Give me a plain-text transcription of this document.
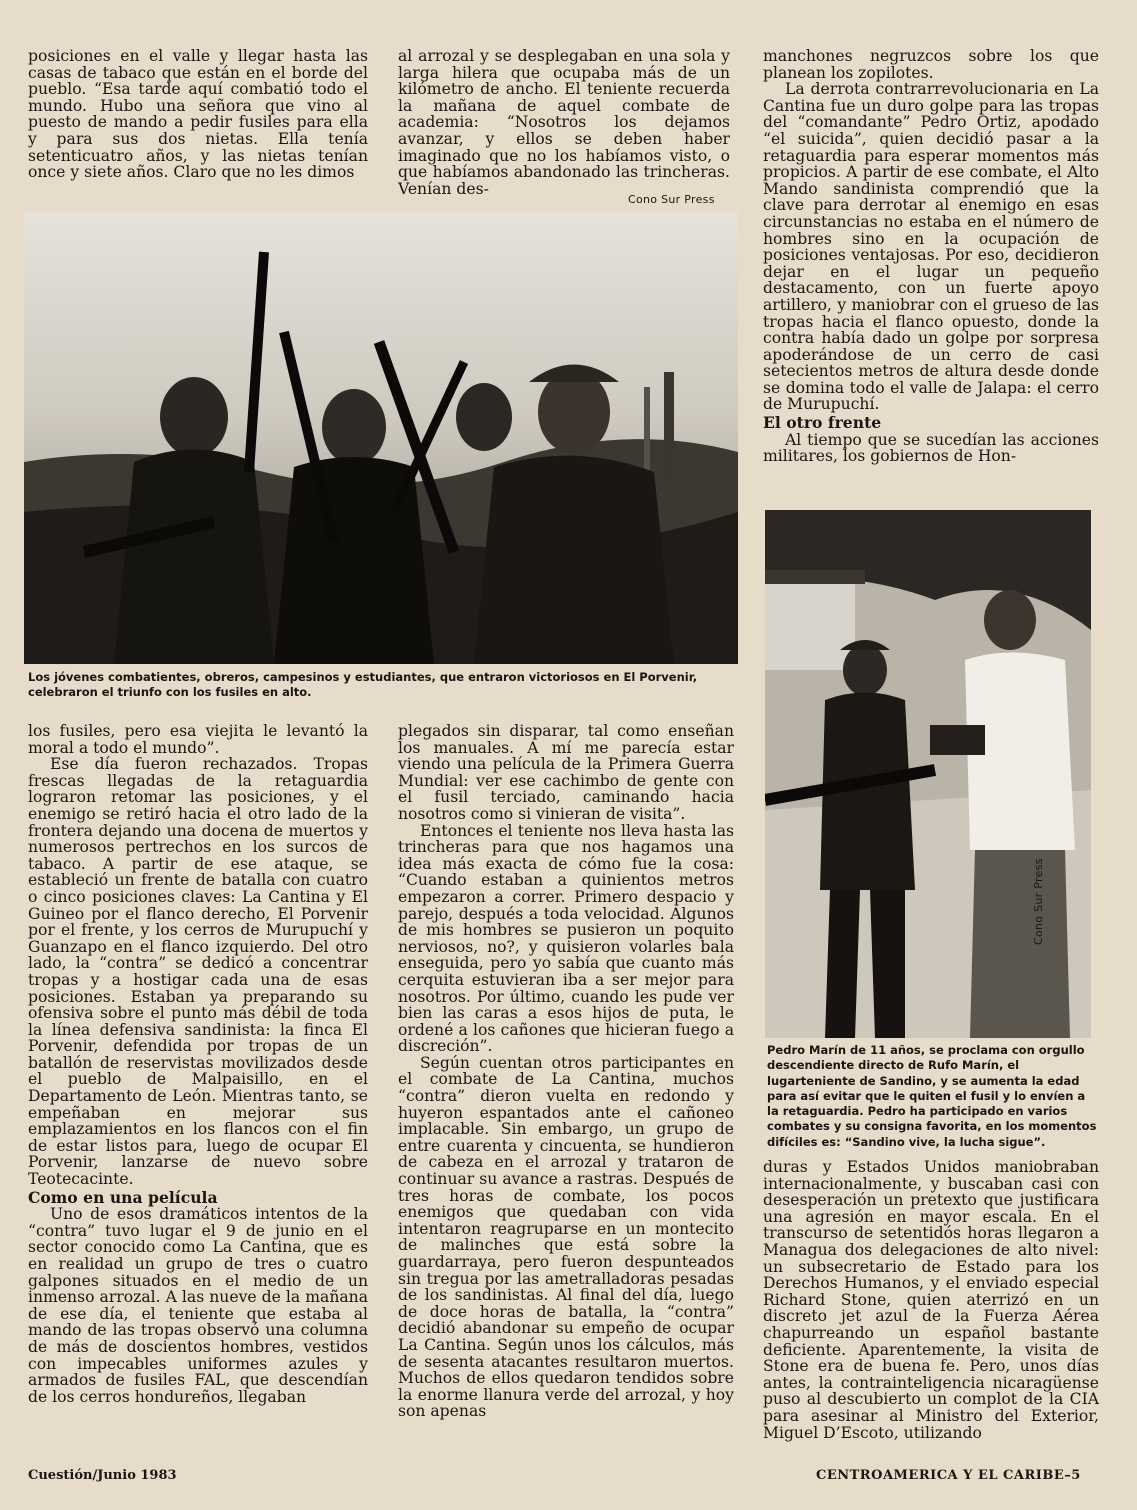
posiciones en el valle y llegar hasta las casas de tabaco que están en el borde del pueblo. “Esa tarde aquí combatió todo el mundo. Hubo una señora que vino al puesto de mando a pedir fusiles para ella y para sus dos nietas. Ella tenía setenticuatro años, y las nietas tenían once y siete años. Claro que no les dimos

al arrozal y se desplegaban en una sola y larga hilera que ocupaba más de un kilómetro de ancho. El teniente recuerda la mañana de aquel combate de academia: “Nosotros los dejamos avanzar, y ellos se deben haber imaginado que no los habíamos visto, o que habíamos abandonado las trincheras. Venían des-

Cono Sur Press
Los jóvenes combatientes, obreros, campesinos y estudiantes, que entraron victoriosos en El Porvenir, celebraron el triunfo con los fusiles en alto.

manchones negruzcos sobre los que planean los zopilotes.

La derrota contrarrevolucionaria en La Cantina fue un duro golpe para las tropas del “comandante” Pedro Ortiz, apodado “el suicida”, quien decidió pasar a la retaguardia para esperar momentos más propicios. A partir de ese combate, el Alto Mando sandinista comprendió que la clave para derrotar al enemigo en esas circunstancias no estaba en el número de hombres sino en la ocupación de posiciones ventajosas. Por eso, decidieron dejar en el lugar un pequeño destacamento, con un fuerte apoyo artillero, y maniobrar con el grueso de las tropas hacia el flanco opuesto, donde la contra había dado un golpe por sorpresa apoderándose de un cerro de casi setecientos metros de altura desde donde se domina todo el valle de Jalapa: el cerro de Murupuchí.

El otro frente

Al tiempo que se sucedían las acciones militares, los gobiernos de Hon-

Cono Sur Press
Pedro Marín de 11 años, se proclama con orgullo descendiente directo de Rufo Marín, el lugarteniente de Sandino, y se aumenta la edad para así evitar que le quiten el fusil y lo envíen a la retaguardia. Pedro ha participado en varios combates y su consigna favorita, en los momentos difíciles es: “Sandino vive, la lucha sigue”.

los fusiles, pero esa viejita le levantó la moral a todo el mundo”.

Ese día fueron rechazados. Tropas frescas llegadas de la retaguardia lograron retomar las posiciones, y el enemigo se retiró hacia el otro lado de la frontera dejando una docena de muertos y numerosos pertrechos en los surcos de tabaco. A partir de ese ataque, se estableció un frente de batalla con cuatro o cinco posiciones claves: La Cantina y El Guineo por el flanco derecho, El Porvenir por el frente, y los cerros de Murupuchí y Guanzapo en el flanco izquierdo. Del otro lado, la “contra” se dedicó a concentrar tropas y a hostigar cada una de esas posiciones. Estaban ya preparando su ofensiva sobre el punto más débil de toda la línea defensiva sandinista: la finca El Porvenir, defendida por tropas de un batallón de reservistas movilizados desde el pueblo de Malpaisillo, en el Departamento de León. Mientras tanto, se empeñaban en mejorar sus emplazamientos en los flancos con el fin de estar listos para, luego de ocupar El Porvenir, lanzarse de nuevo sobre Teotecacinte.

Como en una película

Uno de esos dramáticos intentos de la “contra” tuvo lugar el 9 de junio en el sector conocido como La Cantina, que es en realidad un grupo de tres o cuatro galpones situados en el medio de un inmenso arrozal. A las nueve de la mañana de ese día, el teniente que estaba al mando de las tropas observó una columna de más de doscientos hombres, vestidos con impecables uniformes azules y armados de fusiles FAL, que descendían de los cerros hondureños, llegaban

plegados sin disparar, tal como enseñan los manuales. A mí me parecía estar viendo una película de la Primera Guerra Mundial: ver ese cachimbo de gente con el fusil terciado, caminando hacia nosotros como si vinieran de visita”.

Entonces el teniente nos lleva hasta las trincheras para que nos hagamos una idea más exacta de cómo fue la cosa: “Cuando estaban a quinientos metros empezaron a correr. Primero despacio y parejo, después a toda velocidad. Algunos de mis hombres se pusieron un poquito nerviosos, no?, y quisieron volarles bala enseguida, pero yo sabía que cuanto más cerquita estuvieran iba a ser mejor para nosotros. Por último, cuando les pude ver bien las caras a esos hijos de puta, le ordené a los cañones que hicieran fuego a discreción”.

Según cuentan otros participantes en el combate de La Cantina, muchos “contra” dieron vuelta en redondo y huyeron espantados ante el cañoneo implacable. Sin embargo, un grupo de entre cuarenta y cincuenta, se hundieron de cabeza en el arrozal y trataron de continuar su avance a rastras. Después de tres horas de combate, los pocos enemigos que quedaban con vida intentaron reagruparse en un montecito de malinches que está sobre la guardarraya, pero fueron despunteados sin tregua por las ametralladoras pesadas de los sandinistas. Al final del día, luego de doce horas de batalla, la “contra” decidió abandonar su empeño de ocupar La Cantina. Según unos los cálculos, más de sesenta atacantes resultaron muertos. Muchos de ellos quedaron tendidos sobre la enorme llanura verde del arrozal, y hoy son apenas

duras y Estados Unidos maniobraban internacionalmente, y buscaban casi con desesperación un pretexto que justificara una agresión en mayor escala. En el transcurso de setentidós horas llegaron a Managua dos delegaciones de alto nivel: un subsecretario de Estado para los Derechos Humanos, y el enviado especial Richard Stone, quien aterrizó en un discreto jet azul de la Fuerza Aérea chapurreando un español bastante deficiente. Aparentemente, la visita de Stone era de buena fe. Pero, unos días antes, la contrainteligencia nicaragüense puso al descubierto un complot de la CIA para asesinar al Ministro del Exterior, Miguel D’Escoto, utilizando

Cuestión/Junio 1983	CENTROAMERICA Y EL CARIBE–5
